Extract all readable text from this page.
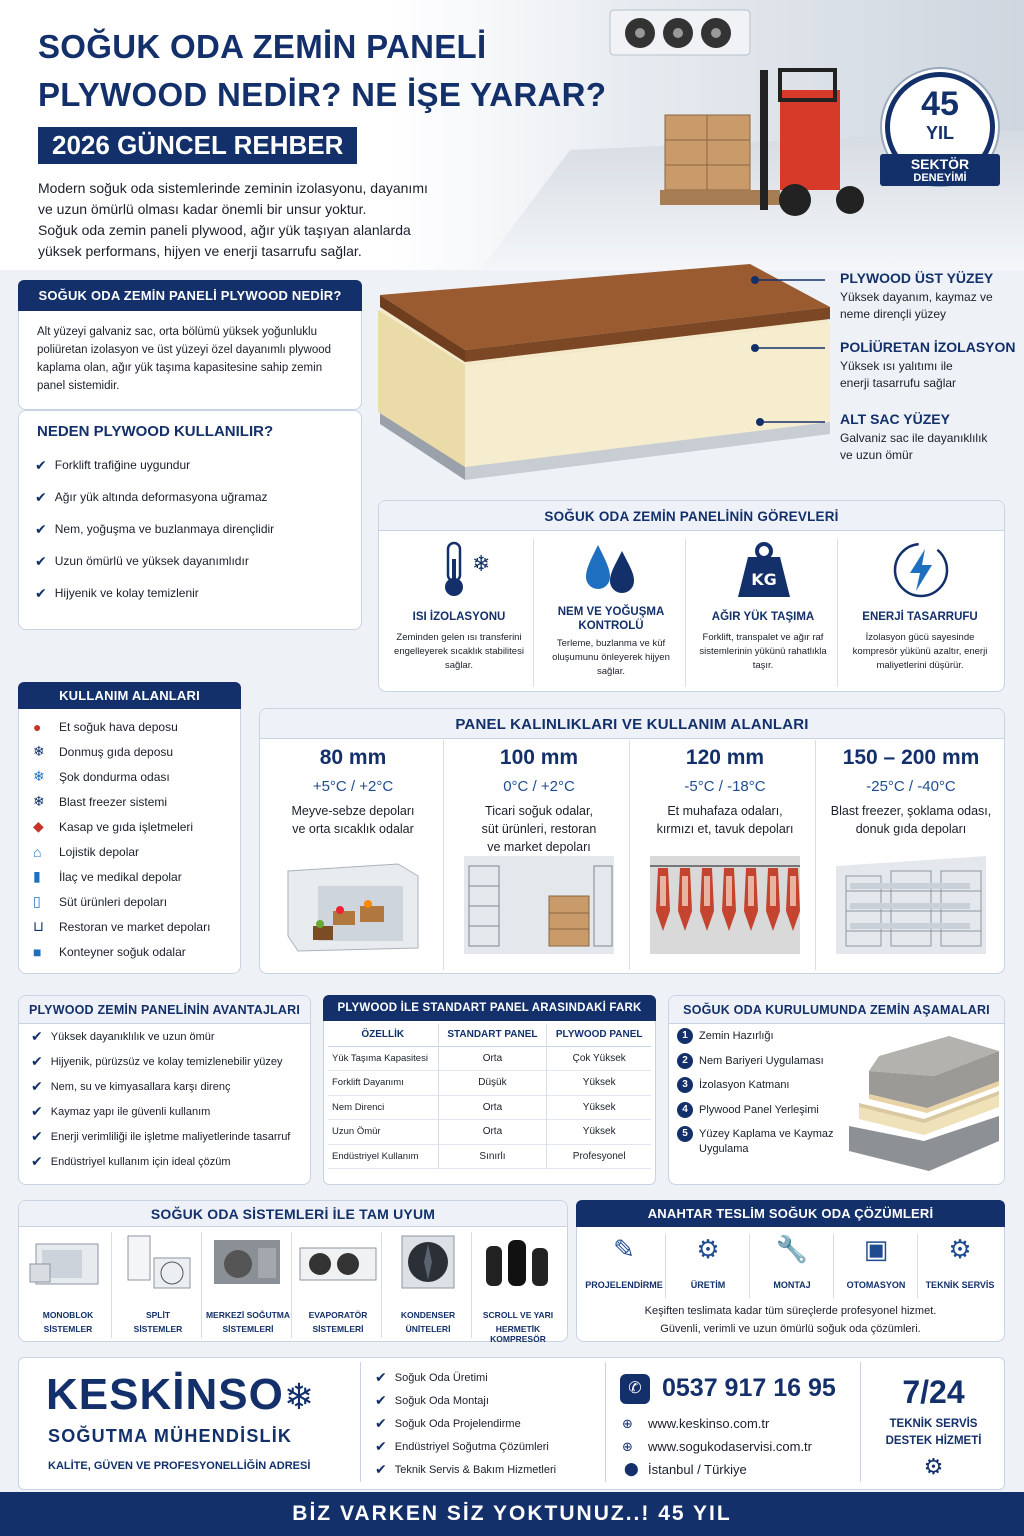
SOĞUK ODA ZEMİN PANELİ
PLYWOOD NEDİR? NE İŞE YARAR?
2026 GÜNCEL REHBER
Modern soğuk oda sistemlerinde zeminin izolasyonu, dayanımı
ve uzun ömürlü olması kadar önemli bir unsur yoktur.
Soğuk oda zemin paneli plywood, ağır yük taşıyan alanlarda
yüksek performans, hijyen ve enerji tasarrufu sağlar.
45
YIL
SEKTÖR
DENEYİMİ
SOĞUK ODA ZEMİN PANELİ PLYWOOD NEDİR?
Alt yüzeyi galvaniz sac, orta bölümü yüksek yoğunluklu poliüretan izolasyon ve üst yüzeyi özel dayanımlı plywood kaplama olan, ağır yük taşıma kapasitesine sahip zemin panel sistemidir.
NEDEN PLYWOOD KULLANILIR?
✔ Forklift trafiğine uygundur
✔ Ağır yük altında deformasyona uğramaz
✔ Nem, yoğuşma ve buzlanmaya dirençlidir
✔ Uzun ömürlü ve yüksek dayanımlıdır
✔ Hijyenik ve kolay temizlenir
PLYWOOD ÜST YÜZEY
Yüksek dayanım, kaymaz ve
neme dirençli yüzey
POLİÜRETAN İZOLASYON
Yüksek ısı yalıtımı ile
enerji tasarrufu sağlar
ALT SAC YÜZEY
Galvaniz sac ile dayanıklılık
ve uzun ömür
SOĞUK ODA ZEMİN PANELİNİN GÖREVLERİ
❄
ISI İZOLASYONU
Zeminden gelen ısı transferini engelleyerek sıcaklık stabilitesi sağlar.
NEM VE YOĞUŞMA KONTROLÜ
Terleme, buzlanma ve küf oluşumunu önleyerek hijyen sağlar.
KG
AĞIR YÜK TAŞIMA
Forklift, transpalet ve ağır raf sistemlerinin yükünü rahatlıkla taşır.
ENERJİ TASARRUFU
İzolasyon gücü sayesinde kompresör yükünü azaltır, enerji maliyetlerini düşürür.
KULLANIM ALANLARI
●	Et soğuk hava deposu
❄	Donmuş gıda deposu
❄	Şok dondurma odası
❄	Blast freezer sistemi
◆	Kasap ve gıda işletmeleri
⌂	Lojistik depolar
▮	İlaç ve medikal depolar
▯	Süt ürünleri depoları
⊔	Restoran ve market depoları
■	Konteyner soğuk odalar
PANEL KALINLIKLARI VE KULLANIM ALANLARI
80 mm
+5°C / +2°C
Meyve-sebze depoları
ve orta sıcaklık odalar
100 mm
0°C / +2°C
Ticari soğuk odalar,
süt ürünleri, restoran
ve market depoları
120 mm
-5°C / -18°C
Et muhafaza odaları,
kırmızı et, tavuk depoları
150 – 200 mm
-25°C / -40°C
Blast freezer, şoklama odası,
donuk gıda depoları
PLYWOOD ZEMİN PANELİNİN AVANTAJLARI
✔ Yüksek dayanıklılık ve uzun ömür
✔ Hijyenik, pürüzsüz ve kolay temizlenebilir yüzey
✔ Nem, su ve kimyasallara karşı direnç
✔ Kaymaz yapı ile güvenli kullanım
✔ Enerji verimliliği ile işletme maliyetlerinde tasarruf
✔ Endüstriyel kullanım için ideal çözüm
PLYWOOD İLE STANDART PANEL ARASINDAKİ FARK
ÖZELLİK	STANDART PANEL	PLYWOOD PANEL
Yük Taşıma Kapasitesi	Orta	Çok Yüksek
Forklift Dayanımı	Düşük	Yüksek
Nem Direnci	Orta	Yüksek
Uzun Ömür	Orta	Yüksek
Endüstriyel Kullanım	Sınırlı	Profesyonel
SOĞUK ODA KURULUMUNDA ZEMİN AŞAMALARI
1	Zemin Hazırlığı
2	Nem Bariyeri Uygulaması
3	İzolasyon Katmanı
4	Plywood Panel Yerleşimi
5	Yüzey Kaplama ve Kaymaz Uygulama
SOĞUK ODA SİSTEMLERİ İLE TAM UYUM
MONOBLOK
SİSTEMLER
SPLİT
SİSTEMLER
MERKEZİ SOĞUTMA
SİSTEMLERİ
EVAPORATÖR
SİSTEMLERİ
KONDENSER
ÜNİTELERİ
SCROLL VE YARI
HERMETİK KOMPRESÖR
ANAHTAR TESLİM SOĞUK ODA ÇÖZÜMLERİ
Keşiften teslimata kadar tüm süreçlerde profesyonel hizmet.
Güvenli, verimli ve uzun ömürlü soğuk oda çözümleri.
✎
PROJELENDİRME
⚙
ÜRETİM
🔧
MONTAJ
▣
OTOMASYON
⚙
TEKNİK SERVİS
KESKİNSO❄
SOĞUTMA MÜHENDİSLİK
KALİTE, GÜVEN VE PROFESYONELLİĞİN ADRESİ
✔ Soğuk Oda Üretimi
✔ Soğuk Oda Montajı
✔ Soğuk Oda Projelendirme
✔ Endüstriyel Soğutma Çözümleri
✔ Teknik Servis & Bakım Hizmetleri
✆ 0537 917 16 95
⊕ www.keskinso.com.tr
⊕ www.sogukodaservisi.com.tr
⬤ İstanbul / Türkiye
7/24
TEKNİK SERVİS
DESTEK HİZMETİ
⚙
BİZ VARKEN SİZ YOKTUNUZ..! 45 YIL
